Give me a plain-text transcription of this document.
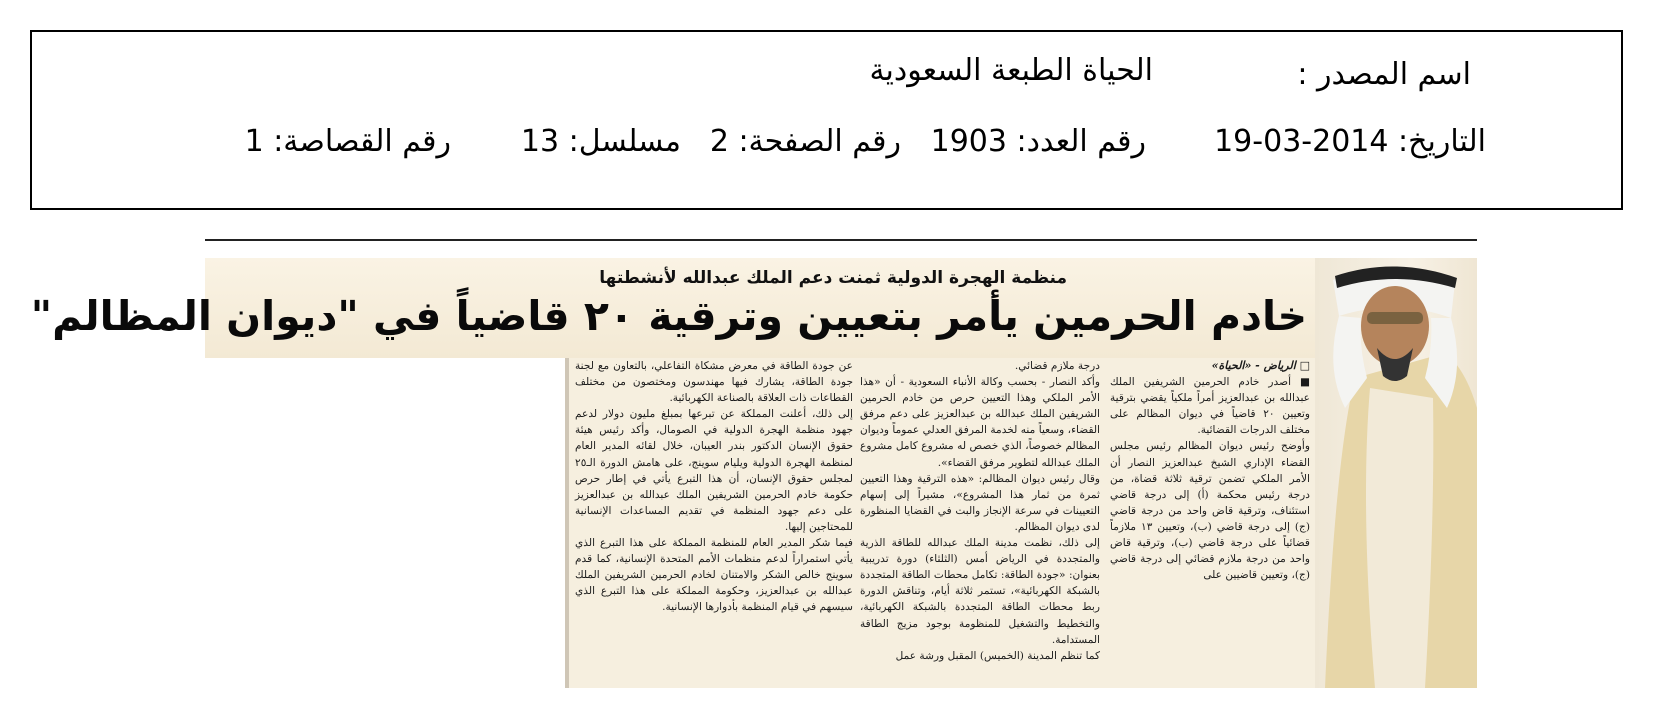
اسم المصدر :
الحياة الطبعة السعودية
التاريخ: 2014-03-19
رقم العدد: 1903
رقم الصفحة: 2
مسلسل: 13
رقم القصاصة: 1
منظمة الهجرة الدولية ثمنت دعم الملك عبدالله لأنشطتها
خادم الحرمين يأمر بتعيين وترقية ٢٠ قاضياً في "ديوان المظالم"

□ الرياض - «الحياة»

■ أصدر خادم الحرمين الشريفين الملك عبدالله بن عبدالعزيز أمراً ملكياً يقضي بترقية وتعيين ٢٠ قاضياً في ديوان المظالم على مختلف الدرجات القضائية.

وأوضح رئيس ديوان المظالم رئيس مجلس القضاء الإداري الشيخ عبدالعزيز النصار أن الأمر الملكي تضمن ترقية ثلاثة قضاة، من درجة رئيس محكمة (أ) إلى درجة قاضي استئناف، وترقية قاض واحد من درجة قاضي (ج) إلى درجة قاضي (ب)، وتعيين ١٣ ملازماً قضائياً على درجة قاضي (ب)، وترقية قاض واحد من درجة ملازم قضائي إلى درجة قاضي (ج)، وتعيين قاضيين على

درجة ملازم قضائي.

وأكد النصار - بحسب وكالة الأنباء السعودية - أن «هذا الأمر الملكي وهذا التعيين حرص من خادم الحرمين الشريفين الملك عبدالله بن عبدالعزيز على دعم مرفق القضاء، وسعياً منه لخدمة المرفق العدلي عموماً وديوان المظالم خصوصاً، الذي خصص له مشروع كامل مشروع الملك عبدالله لتطوير مرفق القضاء».

وقال رئيس ديوان المظالم: «هذه الترقية وهذا التعيين ثمرة من ثمار هذا المشروع»، مشيراً إلى إسهام التعيينات في سرعة الإنجاز والبت في القضايا المنظورة لدى ديوان المظالم.

إلى ذلك، نظمت مدينة الملك عبدالله للطاقة الذرية والمتجددة في الرياض أمس (الثلثاء) دورة تدريبية بعنوان: «جودة الطاقة: تكامل محطات الطاقة المتجددة بالشبكة الكهربائية»، تستمر ثلاثة أيام، وتناقش الدورة ربط محطات الطاقة المتجددة بالشبكة الكهربائية، والتخطيط والتشغيل للمنظومة بوجود مزيج الطاقة المستدامة.

كما تنظم المدينة (الخميس) المقبل ورشة عمل

عن جودة الطاقة في معرض مشكاة التفاعلي، بالتعاون مع لجنة جودة الطاقة، يشارك فيها مهندسون ومختصون من مختلف القطاعات ذات العلاقة بالصناعة الكهربائية.

إلى ذلك، أعلنت المملكة عن تبرعها بمبلغ مليون دولار لدعم جهود منظمة الهجرة الدولية في الصومال، وأكد رئيس هيئة حقوق الإنسان الدكتور بندر العيبان، خلال لقائه المدير العام لمنظمة الهجرة الدولية ويليام سوينج، على هامش الدورة الـ٢٥ لمجلس حقوق الإنسان، أن هذا التبرع يأتي في إطار حرص حكومة خادم الحرمين الشريفين الملك عبدالله بن عبدالعزيز على دعم جهود المنظمة في تقديم المساعدات الإنسانية للمحتاجين إليها.

فيما شكر المدير العام للمنظمة المملكة على هذا التبرع الذي يأتي استمراراً لدعم منظمات الأمم المتحدة الإنسانية، كما قدم سوينج خالص الشكر والامتنان لخادم الحرمين الشريفين الملك عبدالله بن عبدالعزيز، وحكومة المملكة على هذا التبرع الذي سيسهم في قيام المنظمة بأدوارها الإنسانية.
